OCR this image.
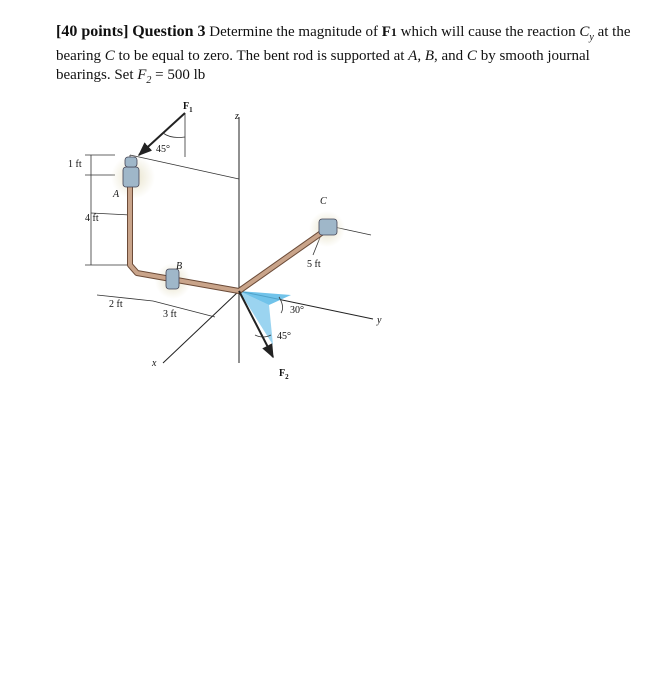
[40 points] Question 3 Determine the magnitude of F1 which will cause the reaction $C_y$ at the bearing C to be equal to zero. The bent rod is supported at A, B, and C by smooth journal bearings. Set $F_2 = 500$ lb
$F_1$
45°
z
1 ft
A
4 ft
C
B	5 ft
2 ft
3 ft	30°
y
45°
x
$F_2$
